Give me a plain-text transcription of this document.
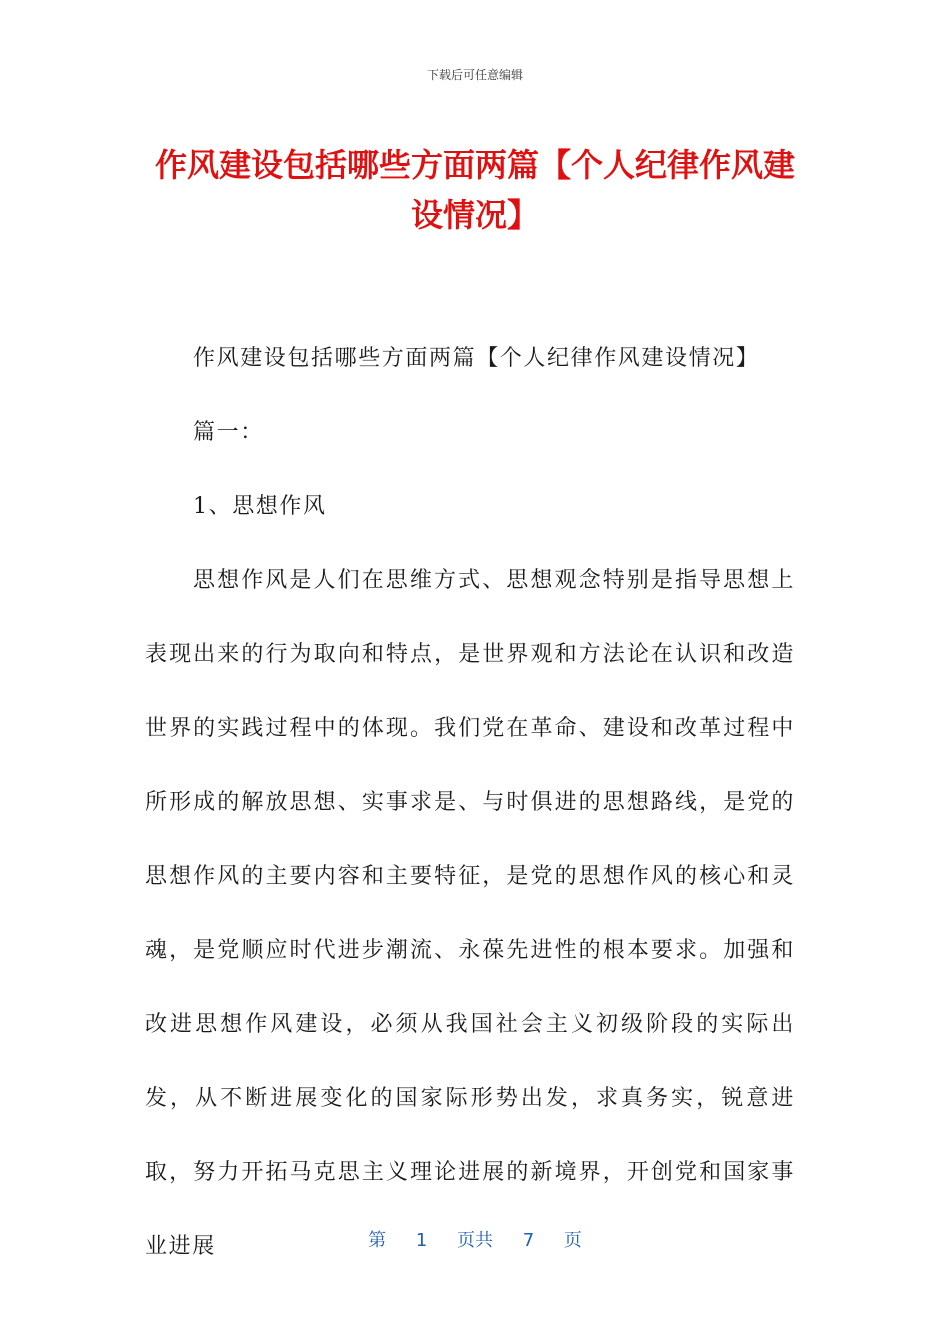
下载后可任意编辑
作风建设包括哪些方面两篇【个人纪律作风建设情况】

作风建设包括哪些方面两篇【个人纪律作风建设情况】

篇一：

1、思想作风

思想作风是人们在思维方式、思想观念特别是指导思想上表现出来的行为取向和特点，是世界观和方法论在认识和改造世界的实践过程中的体现。我们党在革命、建设和改革过程中所形成的解放思想、实事求是、与时俱进的思想路线，是党的思想作风的主要内容和主要特征，是党的思想作风的核心和灵魂，是党顺应时代进步潮流、永葆先进性的根本要求。加强和改进思想作风建设，必须从我国社会主义初级阶段的实际出发，从不断进展变化的国家际形势出发，求真务实，锐意进取，努力开拓马克思主义理论进展的新境界，开创党和国家事业进展	第 1 页共 7 页
